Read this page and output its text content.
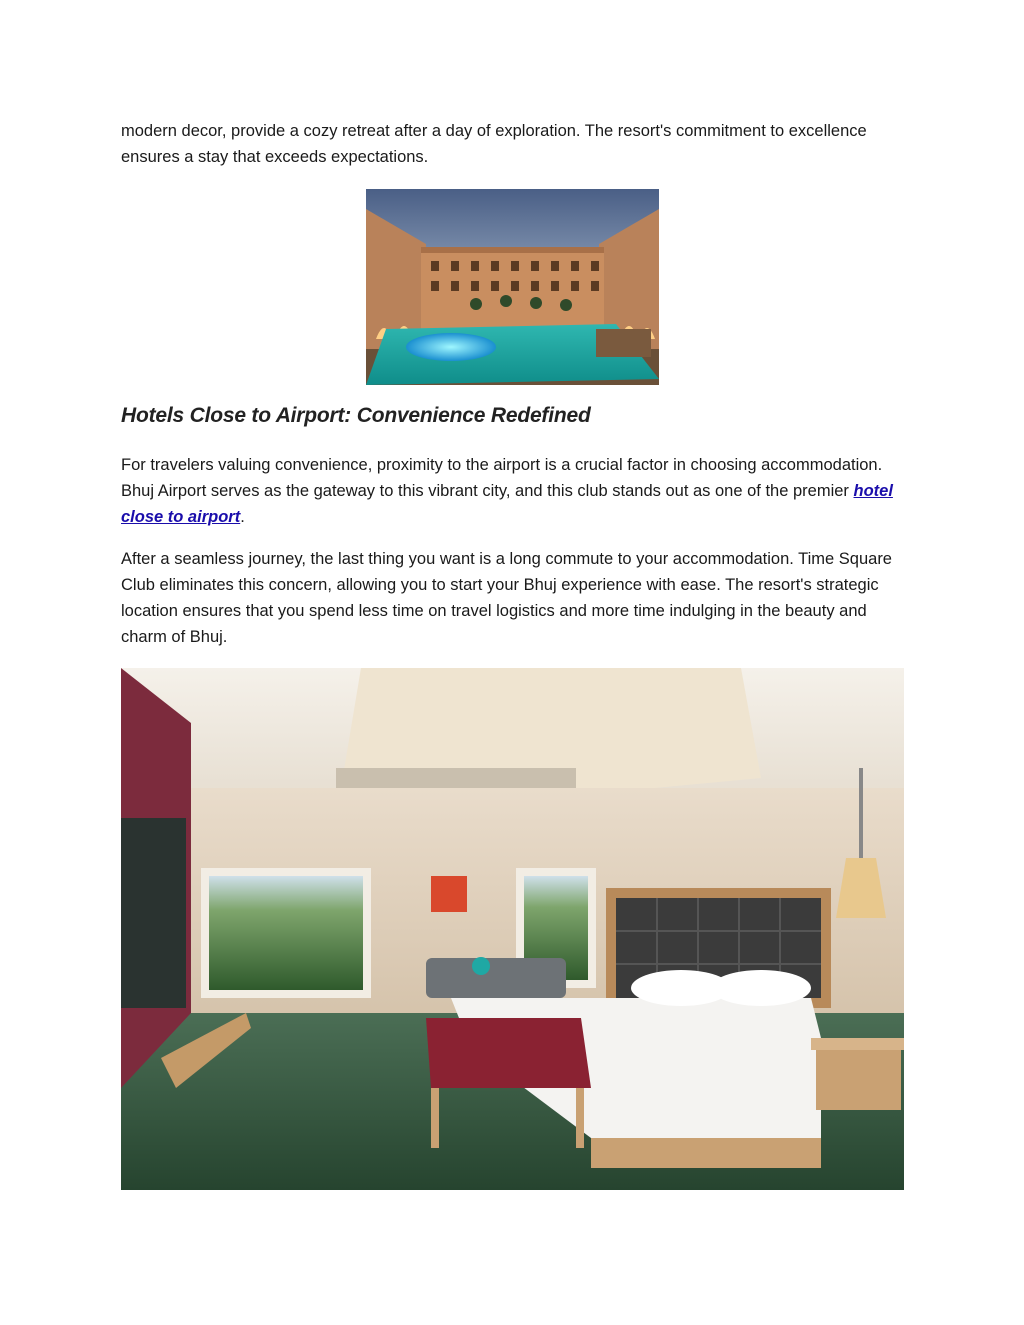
modern decor, provide a cozy retreat after a day of exploration. The resort's commitment to excellence ensures a stay that exceeds expectations.

Hotels Close to Airport: Convenience Redefined

For travelers valuing convenience, proximity to the airport is a crucial factor in choosing accommodation. Bhuj Airport serves as the gateway to this vibrant city, and this club stands out as one of the premier hotel close to airport.

After a seamless journey, the last thing you want is a long commute to your accommodation. Time Square Club eliminates this concern, allowing you to start your Bhuj experience with ease. The resort's strategic location ensures that you spend less time on travel logistics and more time indulging in the beauty and charm of Bhuj.
